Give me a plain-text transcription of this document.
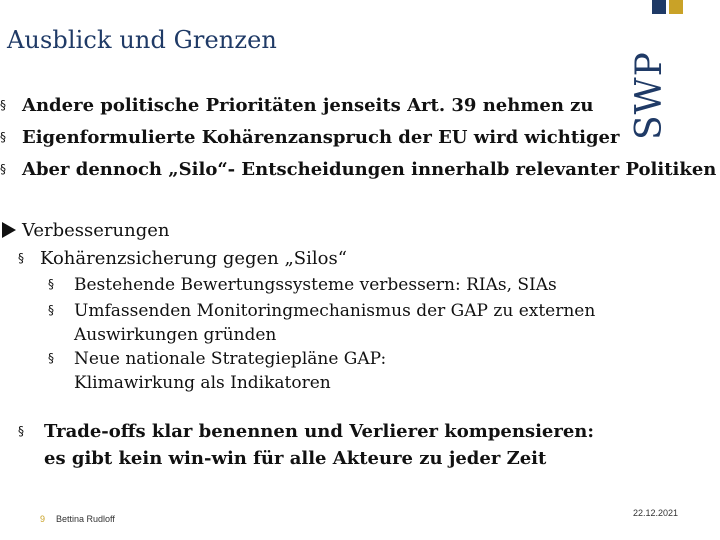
Ausblick und Grenzen
SWP
§ Andere politische Prioritäten jenseits Art. 39 nehmen zu
§ Eigenformulierte Kohärenzanspruch der EU wird wichtiger
§ Aber dennoch „Silo“- Entscheidungen innerhalb relevanter Politiken
Verbesserungen
§ Kohärenzsicherung gegen „Silos“
§ Bestehende Bewertungssysteme verbessern: RIAs, SIAs
§ Umfassenden Monitoringmechanismus der GAP zu externen Auswirkungen gründen
§ Neue nationale Strategiepläne GAP: Klimawirkung als Indikatoren
§ Trade-offs klar benennen und Verlierer kompensieren:
es gibt kein win-win für alle Akteure zu jeder Zeit
9 Bettina Rudloff
22.12.2021
